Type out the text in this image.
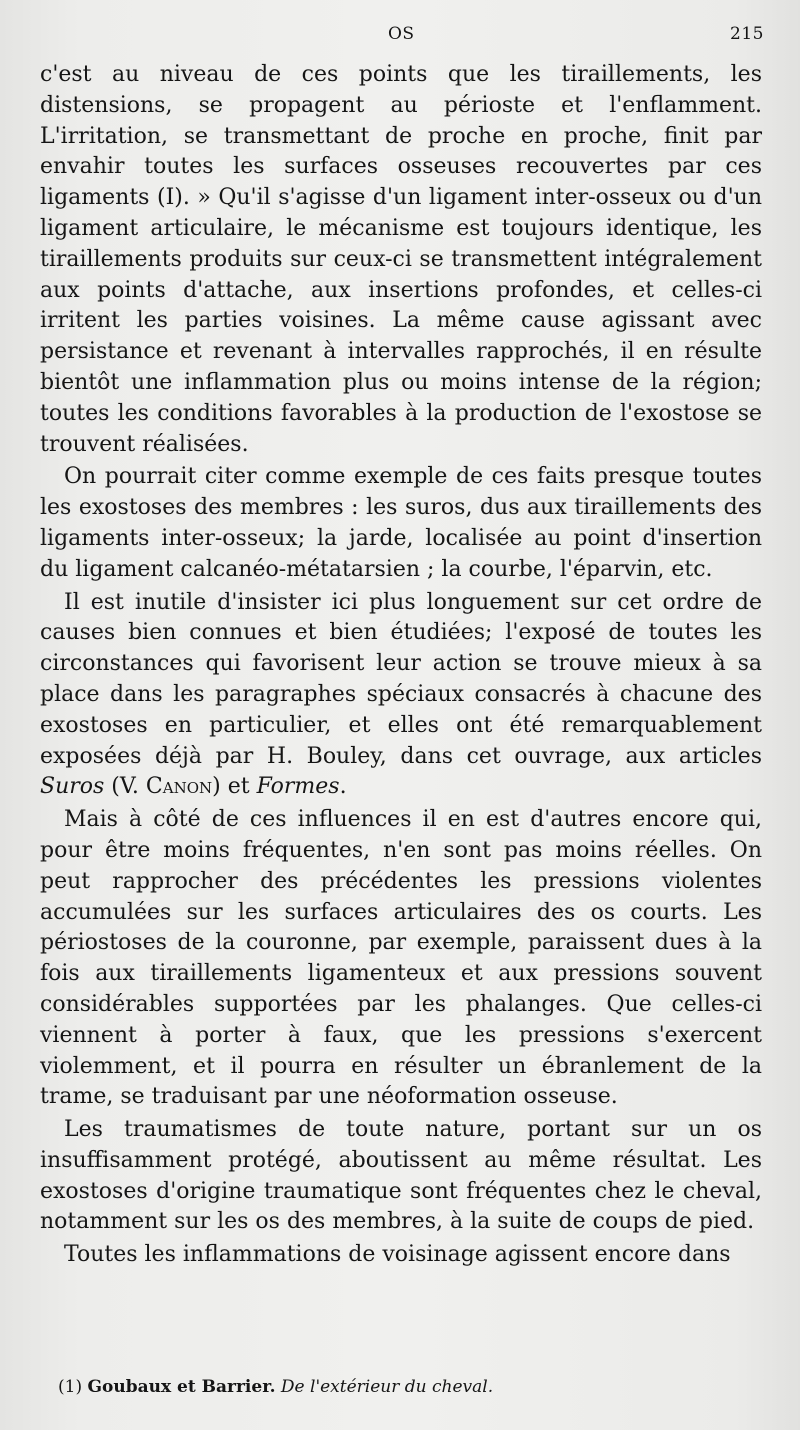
OS	215

c'est au niveau de ces points que les tiraillements, les distensions, se propagent au périoste et l'enflamment. L'irritation, se transmettant de proche en proche, finit par envahir toutes les surfaces osseuses recouvertes par ces ligaments (I). » Qu'il s'agisse d'un ligament inter-osseux ou d'un ligament articulaire, le mécanisme est toujours identique, les tiraillements produits sur ceux-ci se transmettent intégralement aux points d'attache, aux insertions profondes, et celles-ci irritent les parties voisines. La même cause agissant avec persistance et revenant à intervalles rapprochés, il en résulte bientôt une inflammation plus ou moins intense de la région; toutes les conditions favorables à la production de l'exostose se trouvent réalisées.

On pourrait citer comme exemple de ces faits presque toutes les exostoses des membres : les suros, dus aux tiraillements des ligaments inter-osseux; la jarde, localisée au point d'insertion du ligament calcanéo-métatarsien ; la courbe, l'éparvin, etc.

Il est inutile d'insister ici plus longuement sur cet ordre de causes bien connues et bien étudiées; l'exposé de toutes les circonstances qui favorisent leur action se trouve mieux à sa place dans les paragraphes spéciaux consacrés à chacune des exostoses en particulier, et elles ont été remarquablement exposées déjà par H. Bouley, dans cet ouvrage, aux articles Suros (V. Canon) et Formes.

Mais à côté de ces influences il en est d'autres encore qui, pour être moins fréquentes, n'en sont pas moins réelles. On peut rapprocher des précédentes les pressions violentes accumulées sur les surfaces articulaires des os courts. Les périostoses de la couronne, par exemple, paraissent dues à la fois aux tiraillements ligamenteux et aux pressions souvent considérables supportées par les phalanges. Que celles-ci viennent à porter à faux, que les pressions s'exercent violemment, et il pourra en résulter un ébranlement de la trame, se traduisant par une néoformation osseuse.

Les traumatismes de toute nature, portant sur un os insuffisamment protégé, aboutissent au même résultat. Les exostoses d'origine traumatique sont fréquentes chez le cheval, notamment sur les os des membres, à la suite de coups de pied.

Toutes les inflammations de voisinage agissent encore dans

(1) Goubaux et Barrier. De l'extérieur du cheval.
